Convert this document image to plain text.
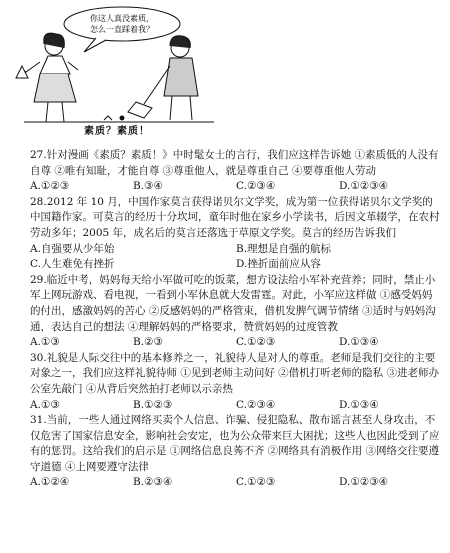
你这人真没素质，
怎么一直踩着我？
素质？素质！

27.针对漫画《素质？素质！》中时髦女士的言行，我们应这样告诉她 ①素质低的人没有自尊 ②唯有知耻，才能自尊 ③尊重他人，就是尊重自己 ④要尊重他人劳动

A.①②③	B.③④	C.②③④	D.①②③④

28.2012 年 10 月，中国作家莫言获得诺贝尔文学奖，成为第一位获得诺贝尔文学奖的中国籍作家。可莫言的经历十分坎坷，童年时他在家乡小学读书，后因文革辍学，在农村劳动多年；2005 年，成名后的莫言还落选于草原文学奖。莫言的经历告诉我们

A.自强要从少年始	B.理想是自强的航标
C.人生难免有挫折	D.挫折面前应从容

29.临近中考，妈妈每天给小军做可吃的饭菜，想方设法给小军补充营养；同时，禁止小军上网玩游戏、看电视，一看到小军休息就大发雷霆。对此，小军应这样做 ①感受妈妈的付出，感激妈妈的苦心 ②反感妈妈的严格管束，借机发脾气调节情绪 ③适时与妈妈沟通，表达自己的想法 ④理解妈妈的严格要求，赞赏妈妈的过度管教

A.①③	B.②③	C.①②③	D.①③④

30.礼貌是人际交往中的基本修养之一，礼貌待人是对人的尊重。老师是我们交往的主要对象之一，我们应这样礼貌待师 ①见到老师主动问好 ②借机打听老师的隐私 ③进老师办公室先敲门 ④从背后突然拍打老师以示亲热

A.①③	B.①②③	C.②③④	D.①③④

31.当前，一些人通过网络买卖个人信息、诈骗、侵犯隐私、散布谣言甚至人身攻击，不仅危害了国家信息安全，影响社会安定，也为公众带来巨大困扰；这些人也因此受到了应有的惩罚。这给我们的启示是 ①网络信息良莠不齐 ②网络具有消极作用 ③网络交往要遵守道德 ④上网要遵守法律

A.①②④	B.②③④	C.①②③	D.①②③④
